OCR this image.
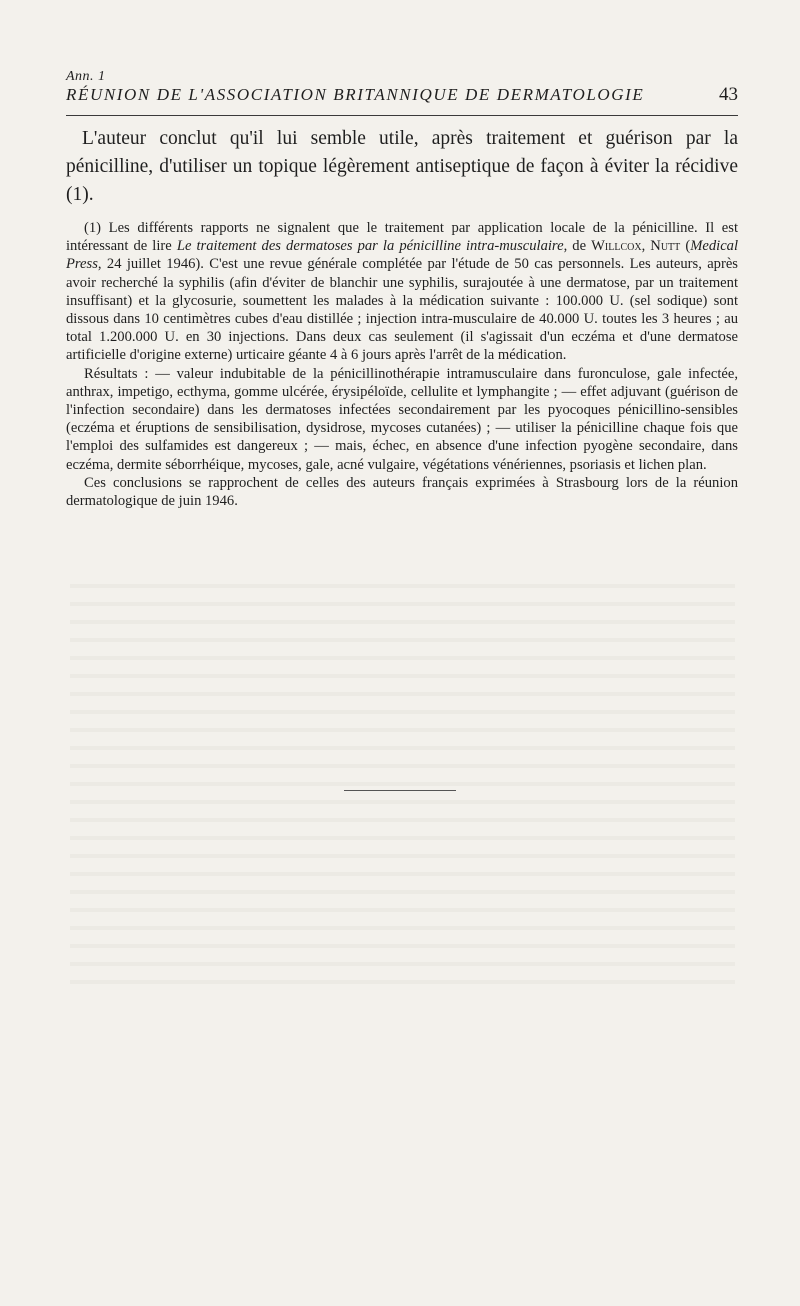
Ann. 1
RÉUNION DE L'ASSOCIATION BRITANNIQUE DE DERMATOLOGIE	43

L'auteur conclut qu'il lui semble utile, après traitement et guérison par la pénicilline, d'utiliser un topique légèrement antiseptique de façon à éviter la récidive (1).

(1) Les différents rapports ne signalent que le traitement par application locale de la pénicilline. Il est intéressant de lire Le traitement des dermatoses par la pénicilline intra-musculaire, de Willcox, Nutt (Medical Press, 24 juillet 1946). C'est une revue générale complétée par l'étude de 50 cas personnels. Les auteurs, après avoir recherché la syphilis (afin d'éviter de blanchir une syphilis, surajoutée à une dermatose, par un traitement insuffisant) et la glycosurie, soumettent les malades à la médication suivante : 100.000 U. (sel sodique) sont dissous dans 10 centimètres cubes d'eau distillée ; injection intra-musculaire de 40.000 U. toutes les 3 heures ; au total 1.200.000 U. en 30 injections. Dans deux cas seulement (il s'agissait d'un eczéma et d'une dermatose artificielle d'origine externe) urticaire géante 4 à 6 jours après l'arrêt de la médication.

Résultats : — valeur indubitable de la pénicillinothérapie intramusculaire dans furonculose, gale infectée, anthrax, impetigo, ecthyma, gomme ulcérée, érysipéloïde, cellulite et lymphangite ; — effet adjuvant (guérison de l'infection secondaire) dans les dermatoses infectées secondairement par les pyocoques pénicillino-sensibles (eczéma et éruptions de sensibilisation, dysidrose, mycoses cutanées) ; — utiliser la pénicilline chaque fois que l'emploi des sulfamides est dangereux ; — mais, échec, en absence d'une infection pyogène secondaire, dans eczéma, dermite séborrhéique, mycoses, gale, acné vulgaire, végétations vénériennes, psoriasis et lichen plan.

Ces conclusions se rapprochent de celles des auteurs français exprimées à Strasbourg lors de la réunion dermatologique de juin 1946.
